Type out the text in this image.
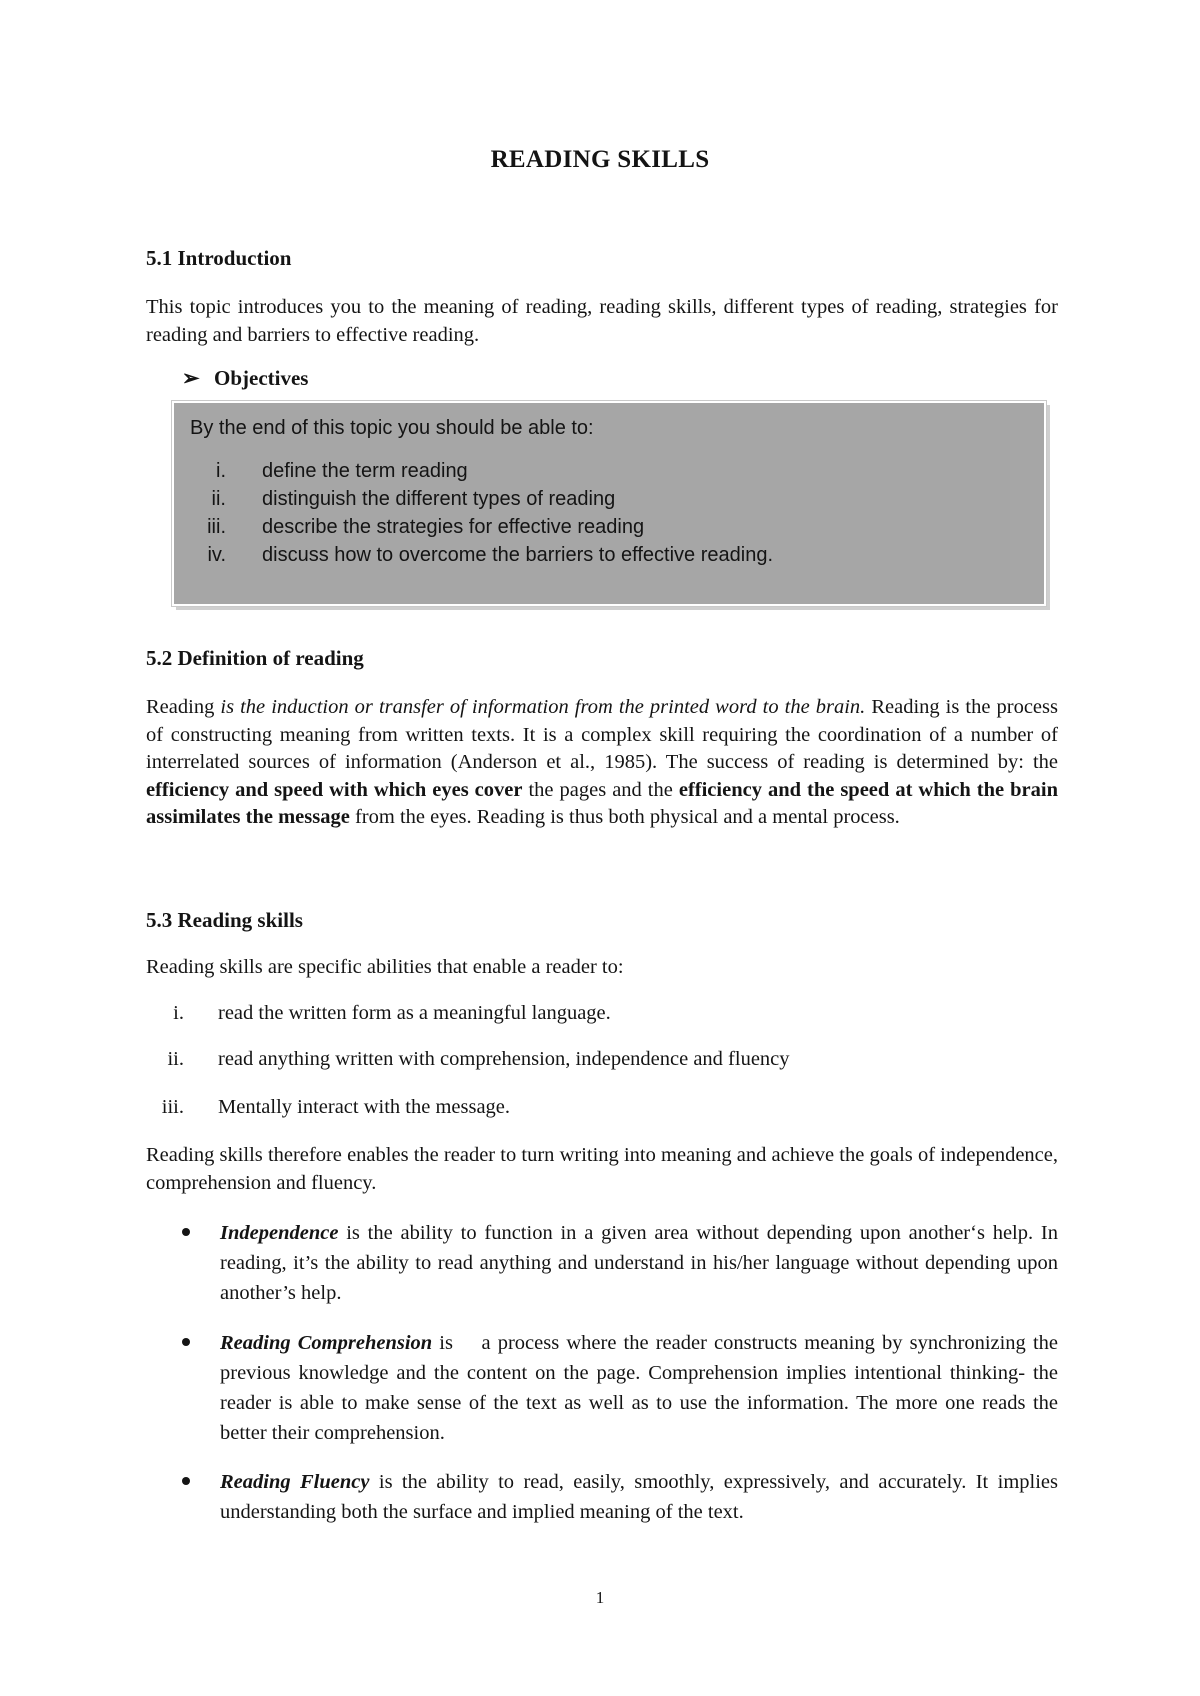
READING SKILLS
5.1 Introduction

This topic introduces you to the meaning of reading, reading skills, different types of reading, strategies for reading and barriers to effective reading.

➢ Objectives
By the end of this topic you should be able to:
i. define the term reading
ii. distinguish the different types of reading
iii. describe the strategies for effective reading
iv. discuss how to overcome the barriers to effective reading.
5.2 Definition of reading

Reading is the induction or transfer of information from the printed word to the brain. Reading is the process of constructing meaning from written texts. It is a complex skill requiring the coordination of a number of interrelated sources of information (Anderson et al., 1985). The success of reading is determined by: the efficiency and speed with which eyes cover the pages and the efficiency and the speed at which the brain assimilates the message from the eyes. Reading is thus both physical and a mental process.

5.3 Reading skills

Reading skills are specific abilities that enable a reader to:

i. read the written form as a meaningful language.
ii. read anything written with comprehension, independence and fluency
iii. Mentally interact with the message.

Reading skills therefore enables the reader to turn writing into meaning and achieve the goals of independence, comprehension and fluency.

Independence is the ability to function in a given area without depending upon another‘s help. In reading, it’s the ability to read anything and understand in his/her language without depending upon another’s help.

Reading Comprehension is    a process where the reader constructs meaning by synchronizing the previous knowledge and the content on the page. Comprehension implies intentional thinking- the reader is able to make sense of the text as well as to use the information. The more one reads the better their comprehension.

Reading Fluency is the ability to read, easily, smoothly, expressively, and accurately. It implies understanding both the surface and implied meaning of the text.

1
